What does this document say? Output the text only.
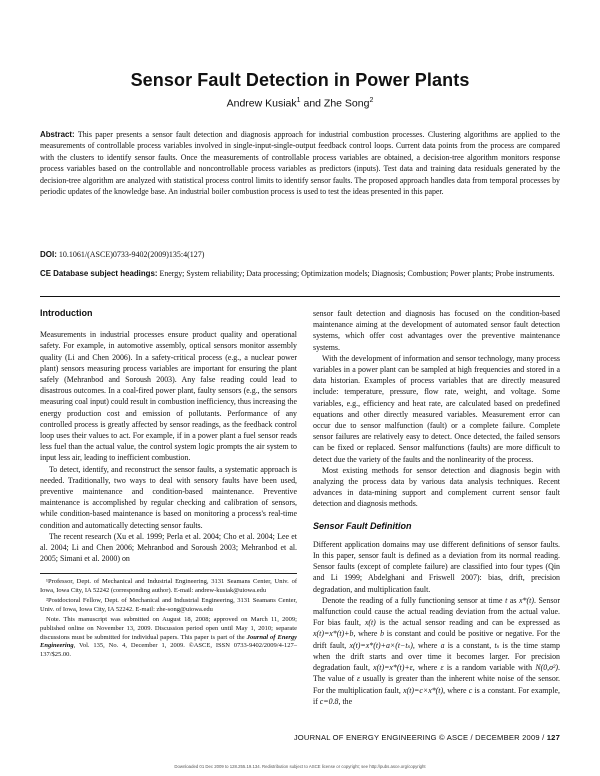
Sensor Fault Detection in Power Plants
Andrew Kusiak$^1$ and Zhe Song$^2$
Abstract: This paper presents a sensor fault detection and diagnosis approach for industrial combustion processes. Clustering algorithms are applied to the measurements of controllable process variables involved in single-input-single-output feedback control loops. Current data points from the process are compared with the clusters to identify sensor faults. Once the measurements of controllable process variables are obtained, a decision-tree algorithm monitors response process variables based on the controllable and noncontrollable process variables as predictors (inputs). Test data and training data residuals generated by the decision-tree algorithm are analyzed with statistical process control limits to identify sensor faults. The proposed approach handles data from temporal processes by periodic updates of the knowledge base. An industrial boiler combustion process is used to test the ideas presented in this paper.
DOI: 10.1061/(ASCE)0733-9402(2009)135:4(127)
CE Database subject headings: Energy; System reliability; Data processing; Optimization models; Diagnosis; Combustion; Power plants; Probe instruments.
Introduction

Measurements in industrial processes ensure product quality and operational safety. For example, in automotive assembly, optical sensors monitor assembly quality (Li and Chen 2006). In a safety-critical process (e.g., a nuclear power plant) sensors measuring process variables are important for ensuring the plant safely (Mehranbod and Soroush 2003). Any false reading could lead to disastrous outcomes. In a coal-fired power plant, faulty sensors (e.g., the sensors measuring coal input) could result in combustion inefficiency, thus increasing the energy production cost and emission of pollutants. Performance of any controlled process is greatly affected by sensor readings, as the feedback control loop uses their values to act. For example, if in a power plant a fuel sensor reads less fuel than the actual value, the control system logic prompts the air system to input less air, leading to inefficient combustion.

To detect, identify, and reconstruct the sensor faults, a systematic approach is needed. Traditionally, two ways to deal with sensory faults have been used, preventive maintenance and condition-based maintenance. Preventive maintenance is accomplished by regular checking and calibration of sensors, while condition-based maintenance is based on monitoring a process's real-time condition and automatically detecting sensor faults.

The recent research (Xu et al. 1999; Perla et al. 2004; Cho et al. 2004; Lee et al. 2004; Li and Chen 2006; Mehranbod and Soroush 2003; Mehranbod et al. 2005; Simani et al. 2000) on

¹Professor, Dept. of Mechanical and Industrial Engineering, 3131 Seamans Center, Univ. of Iowa, Iowa City, IA 52242 (corresponding author). E-mail: andrew-kusiak@uiowa.edu

²Postdoctoral Fellow, Dept. of Mechanical and Industrial Engineering, 3131 Seamans Center, Univ. of Iowa, Iowa City, IA 52242. E-mail: zhe-song@uiowa.edu

Note. This manuscript was submitted on August 18, 2008; approved on March 11, 2009; published online on November 13, 2009. Discussion period open until May 1, 2010; separate discussions must be submitted for individual papers. This paper is part of the Journal of Energy Engineering, Vol. 135, No. 4, December 1, 2009. ©ASCE, ISSN 0733-9402/2009/4-127–137/$25.00.

sensor fault detection and diagnosis has focused on the condition-based maintenance aiming at the development of automated sensor fault detection systems, which offer cost advantages over the preventive maintenance systems.

With the development of information and sensor technology, many process variables in a power plant can be sampled at high frequencies and stored in a data historian. Examples of process variables that are directly measured include: temperature, pressure, flow rate, weight, and voltage. Some variables, e.g., efficiency and heat rate, are calculated based on predefined equations and other directly measured variables. Measurement error can occur due to sensor malfunction (fault) or a complete failure. Complete sensor failures are relatively easy to detect. Once detected, the failed sensors can be fixed or replaced. Sensor malfunctions (faults) are more difficult to detect due the variety of the faults and the nonlinearity of the process.

Most existing methods for sensor detection and diagnosis begin with analyzing the process data by various data analysis techniques. Recent advances in data-mining support and complement current sensor fault detection and diagnosis methods.

Sensor Fault Definition

Different application domains may use different definitions of sensor faults. In this paper, sensor fault is defined as a deviation from its normal reading. Sensor faults (except of complete failure) are classified into four types (Qin and Li 1999; Abdelghani and Friswell 2007): bias, drift, precision degradation, and multiplication fault.

Denote the reading of a fully functioning sensor at time t as x*(t). Sensor malfunction could cause the actual reading deviation from the actual value. For bias fault, x(t) is the actual sensor reading and can be expressed as x(t)=x*(t)+b, where b is constant and could be positive or negative. For the drift fault, x(t)=x*(t)+a×(t−tₛ), where a is a constant, tₛ is the time stamp when the drift starts and over time it becomes larger. For precision degradation fault, x(t)=x*(t)+ε, where ε is a random variable with N(0,σ²). The value of ε usually is greater than the inherent white noise of the sensor. For the multiplication fault, x(t)=c×x*(t), where c is a constant. For example, if c=0.8, the

JOURNAL OF ENERGY ENGINEERING © ASCE / DECEMBER 2009 / 127
Downloaded 01 Dec 2009 to 128.255.19.134. Redistribution subject to ASCE license or copyright; see http://pubs.asce.org/copyright
